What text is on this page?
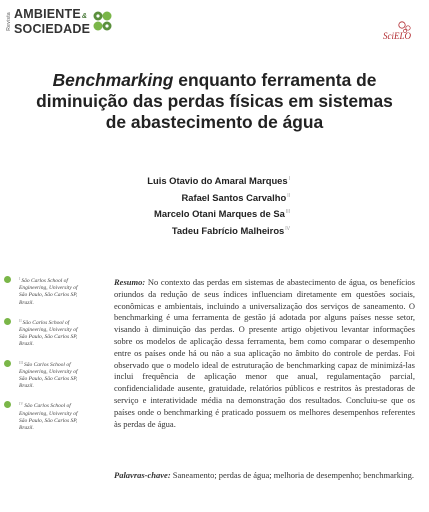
Revista AMBIENTE&
SOCIEDADE	SciELO
Benchmarking enquanto ferramenta de
diminuição das perdas físicas em sistemas
de abastecimento de água
Luis Otavio do Amaral Marques$^I$
Rafael Santos Carvalho$^{II}$
Marcelo Otani Marques de $Sa^{III}$
Tadeu Fabrício Malheiros$^{IV}$
$^I$São Carlos School of Engineering, University of São Paulo, São Carlos SP, Brazil.
$^{II}$São Carlos School of Engineering, University of São Paulo, São Carlos SP, Brazil.
$^{III}$São Carlos School of Engineering, University of São Paulo, São Carlos SP, Brazil.
$^{IV}$São Carlos School of Engineering, University of São Paulo, São Carlos SP, Brazil.

Resumo: No contexto das perdas em sistemas de abastecimento de água, os benefícios oriundos da redução de seus índices influenciam diretamente em questões sociais, econômicas e ambientais, incluindo a universalização dos serviços de saneamento. O benchmarking é uma ferramenta de gestão já adotada por alguns países nesse setor, visando à diminuição das perdas. O presente artigo objetivou levantar informações sobre os modelos de aplicação dessa ferramenta, bem como comparar o desempenho entre os países onde há ou não a sua aplicação no âmbito do controle de perdas. Foi observado que o modelo ideal de estruturação de benchmarking capaz de minimizá-las inclui frequência de aplicação menor que anual, regulamentação parcial, confidencialidade ausente, gratuidade, relatórios públicos e restritos às prestadoras de serviço e interatividade média na demonstração dos resultados. Concluiu-se que os países onde o benchmarking é praticado possuem os melhores desempenhos referentes às perdas de água.

Palavras-chave: Saneamento; perdas de água; melhoria de desempenho; benchmarking.
